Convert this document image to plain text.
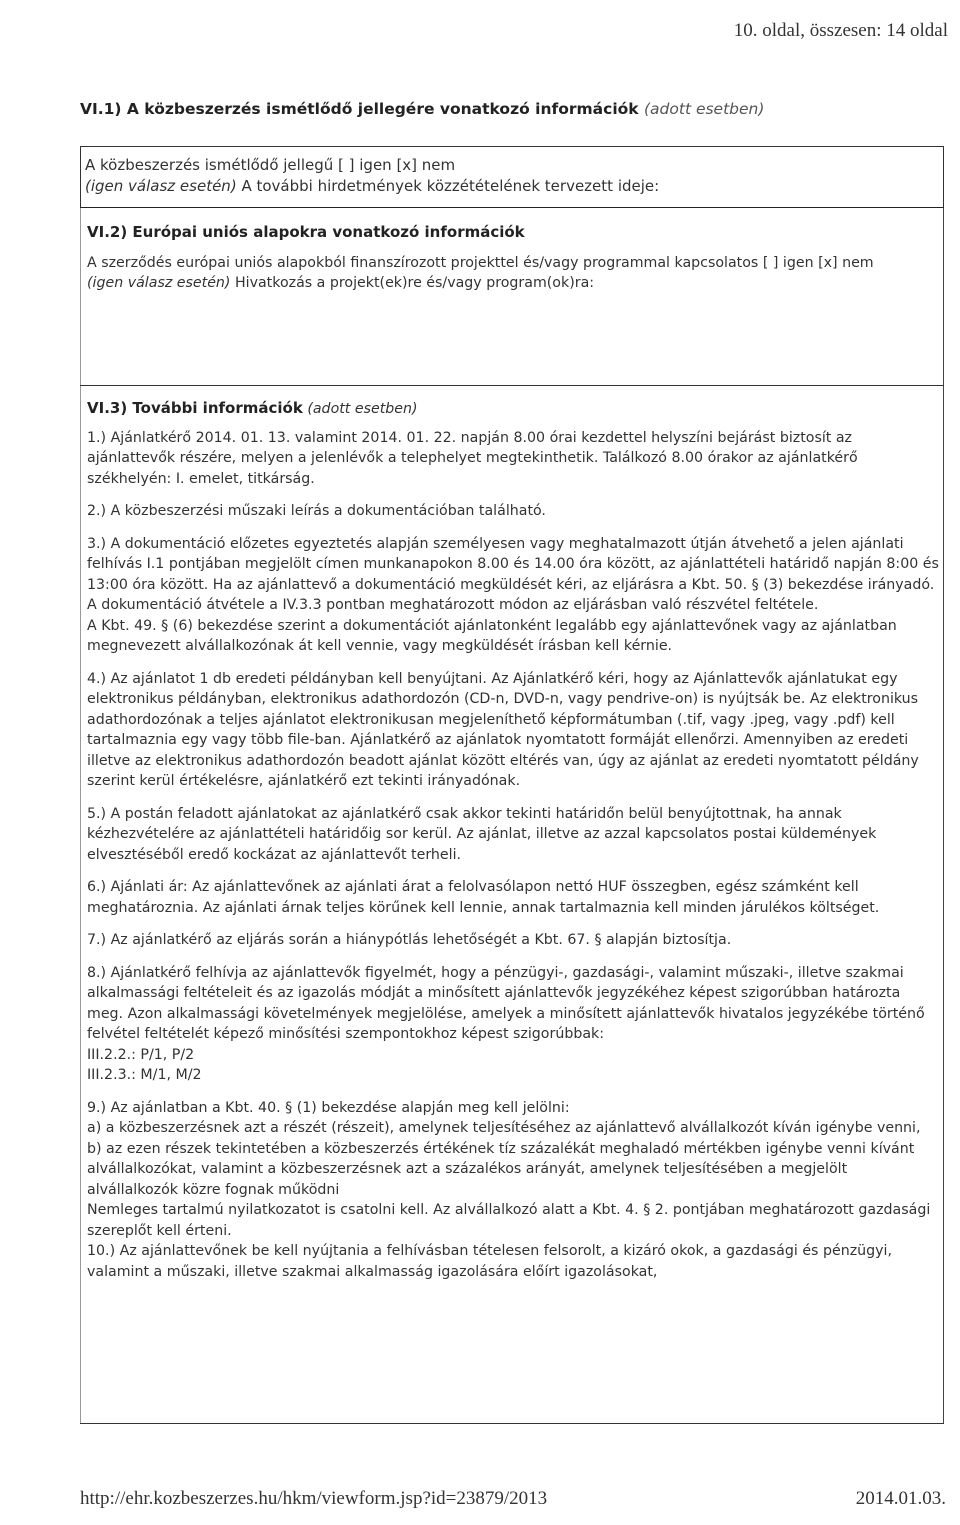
10. oldal, összesen: 14 oldal
VI.1) A közbeszerzés ismétlődő jellegére vonatkozó információk (adott esetben)
A közbeszerzés ismétlődő jellegű [ ] igen [x] nem
(igen válasz esetén) A további hirdetmények közzétételének tervezett ideje:
VI.2) Európai uniós alapokra vonatkozó információk
A szerződés európai uniós alapokból finanszírozott projekttel és/vagy programmal kapcsolatos [ ] igen [x] nem
(igen válasz esetén) Hivatkozás a projekt(ek)re és/vagy program(ok)ra:
VI.3) További információk (adott esetben)

1.) Ajánlatkérő 2014. 01. 13. valamint 2014. 01. 22. napján 8.00 órai kezdettel helyszíni bejárást biztosít az ajánlattevők részére, melyen a jelenlévők a telephelyet megtekinthetik. Találkozó 8.00 órakor az ajánlatkérő székhelyén: I. emelet, titkárság.

2.) A közbeszerzési műszaki leírás a dokumentációban található.

3.) A dokumentáció előzetes egyeztetés alapján személyesen vagy meghatalmazott útján átvehető a jelen ajánlati felhívás I.1 pontjában megjelölt címen munkanapokon 8.00 és 14.00 óra között, az ajánlattételi határidő napján 8:00 és 13:00 óra között. Ha az ajánlattevő a dokumentáció megküldését kéri, az eljárásra a Kbt. 50. § (3) bekezdése irányadó.
A dokumentáció átvétele a IV.3.3 pontban meghatározott módon az eljárásban való részvétel feltétele.
A Kbt. 49. § (6) bekezdése szerint a dokumentációt ajánlatonként legalább egy ajánlattevőnek vagy az ajánlatban megnevezett alvállalkozónak át kell vennie, vagy megküldését írásban kell kérnie.

4.) Az ajánlatot 1 db eredeti példányban kell benyújtani. Az Ajánlatkérő kéri, hogy az Ajánlattevők ajánlatukat egy elektronikus példányban, elektronikus adathordozón (CD-n, DVD-n, vagy pendrive-on) is nyújtsák be. Az elektronikus adathordozónak a teljes ajánlatot elektronikusan megjeleníthető képformátumban (.tif, vagy .jpeg, vagy .pdf) kell tartalmaznia egy vagy több file-ban. Ajánlatkérő az ajánlatok nyomtatott formáját ellenőrzi. Amennyiben az eredeti illetve az elektronikus adathordozón beadott ajánlat között eltérés van, úgy az ajánlat az eredeti nyomtatott példány szerint kerül értékelésre, ajánlatkérő ezt tekinti irányadónak.

5.) A postán feladott ajánlatokat az ajánlatkérő csak akkor tekinti határidőn belül benyújtottnak, ha annak kézhezvételére az ajánlattételi határidőig sor kerül. Az ajánlat, illetve az azzal kapcsolatos postai küldemények elvesztéséből eredő kockázat az ajánlattevőt terheli.

6.) Ajánlati ár: Az ajánlattevőnek az ajánlati árat a felolvasólapon nettó HUF összegben, egész számként kell meghatároznia. Az ajánlati árnak teljes körűnek kell lennie, annak tartalmaznia kell minden járulékos költséget.

7.) Az ajánlatkérő az eljárás során a hiánypótlás lehetőségét a Kbt. 67. § alapján biztosítja.

8.) Ajánlatkérő felhívja az ajánlattevők figyelmét, hogy a pénzügyi-, gazdasági-, valamint műszaki-, illetve szakmai alkalmassági feltételeit és az igazolás módját a minősített ajánlattevők jegyzékéhez képest szigorúbban határozta meg. Azon alkalmassági követelmények megjelölése, amelyek a minősített ajánlattevők hivatalos jegyzékébe történő felvétel feltételét képező minősítési szempontokhoz képest szigorúbbak:
III.2.2.: P/1, P/2
III.2.3.: M/1, M/2

9.) Az ajánlatban a Kbt. 40. § (1) bekezdése alapján meg kell jelölni:
a) a közbeszerzésnek azt a részét (részeit), amelynek teljesítéséhez az ajánlattevő alvállalkozót kíván igénybe venni,
b) az ezen részek tekintetében a közbeszerzés értékének tíz százalékát meghaladó mértékben igénybe venni kívánt alvállalkozókat, valamint a közbeszerzésnek azt a százalékos arányát, amelynek teljesítésében a megjelölt alvállalkozók közre fognak működni
Nemleges tartalmú nyilatkozatot is csatolni kell. Az alvállalkozó alatt a Kbt. 4. § 2. pontjában meghatározott gazdasági szereplőt kell érteni.
10.) Az ajánlattevőnek be kell nyújtania a felhívásban tételesen felsorolt, a kizáró okok, a gazdasági és pénzügyi, valamint a műszaki, illetve szakmai alkalmasság igazolására előírt igazolásokat,

http://ehr.kozbeszerzes.hu/hkm/viewform.jsp?id=23879/2013	2014.01.03.
